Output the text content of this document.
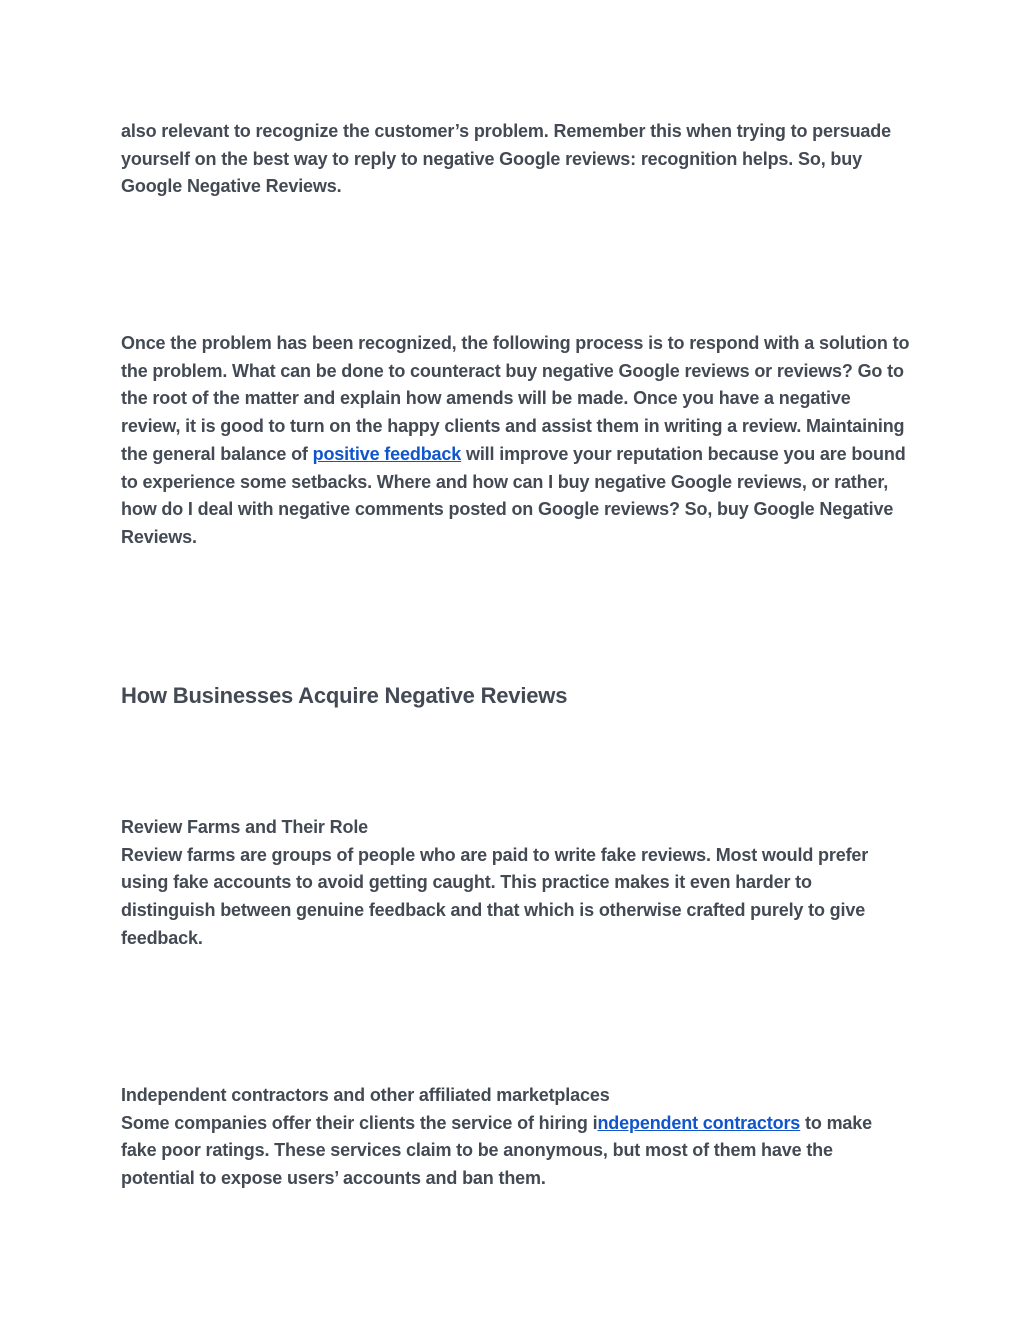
also relevant to recognize the customer’s problem. Remember this when trying to persuade yourself on the best way to reply to negative Google reviews: recognition helps. So, buy Google Negative Reviews.

Once the problem has been recognized, the following process is to respond with a solution to the problem. What can be done to counteract buy negative Google reviews or reviews? Go to the root of the matter and explain how amends will be made. Once you have a negative review, it is good to turn on the happy clients and assist them in writing a review. Maintaining the general balance of positive feedback will improve your reputation because you are bound to experience some setbacks. Where and how can I buy negative Google reviews, or rather, how do I deal with negative comments posted on Google reviews? So, buy Google Negative Reviews.

How Businesses Acquire Negative Reviews
Review Farms and Their Role
Review farms are groups of people who are paid to write fake reviews. Most would prefer using fake accounts to avoid getting caught. This practice makes it even harder to distinguish between genuine feedback and that which is otherwise crafted purely to give feedback.
Independent contractors and other affiliated marketplaces
Some companies offer their clients the service of hiring independent contractors to make fake poor ratings. These services claim to be anonymous, but most of them have the potential to expose users’ accounts and ban them.
